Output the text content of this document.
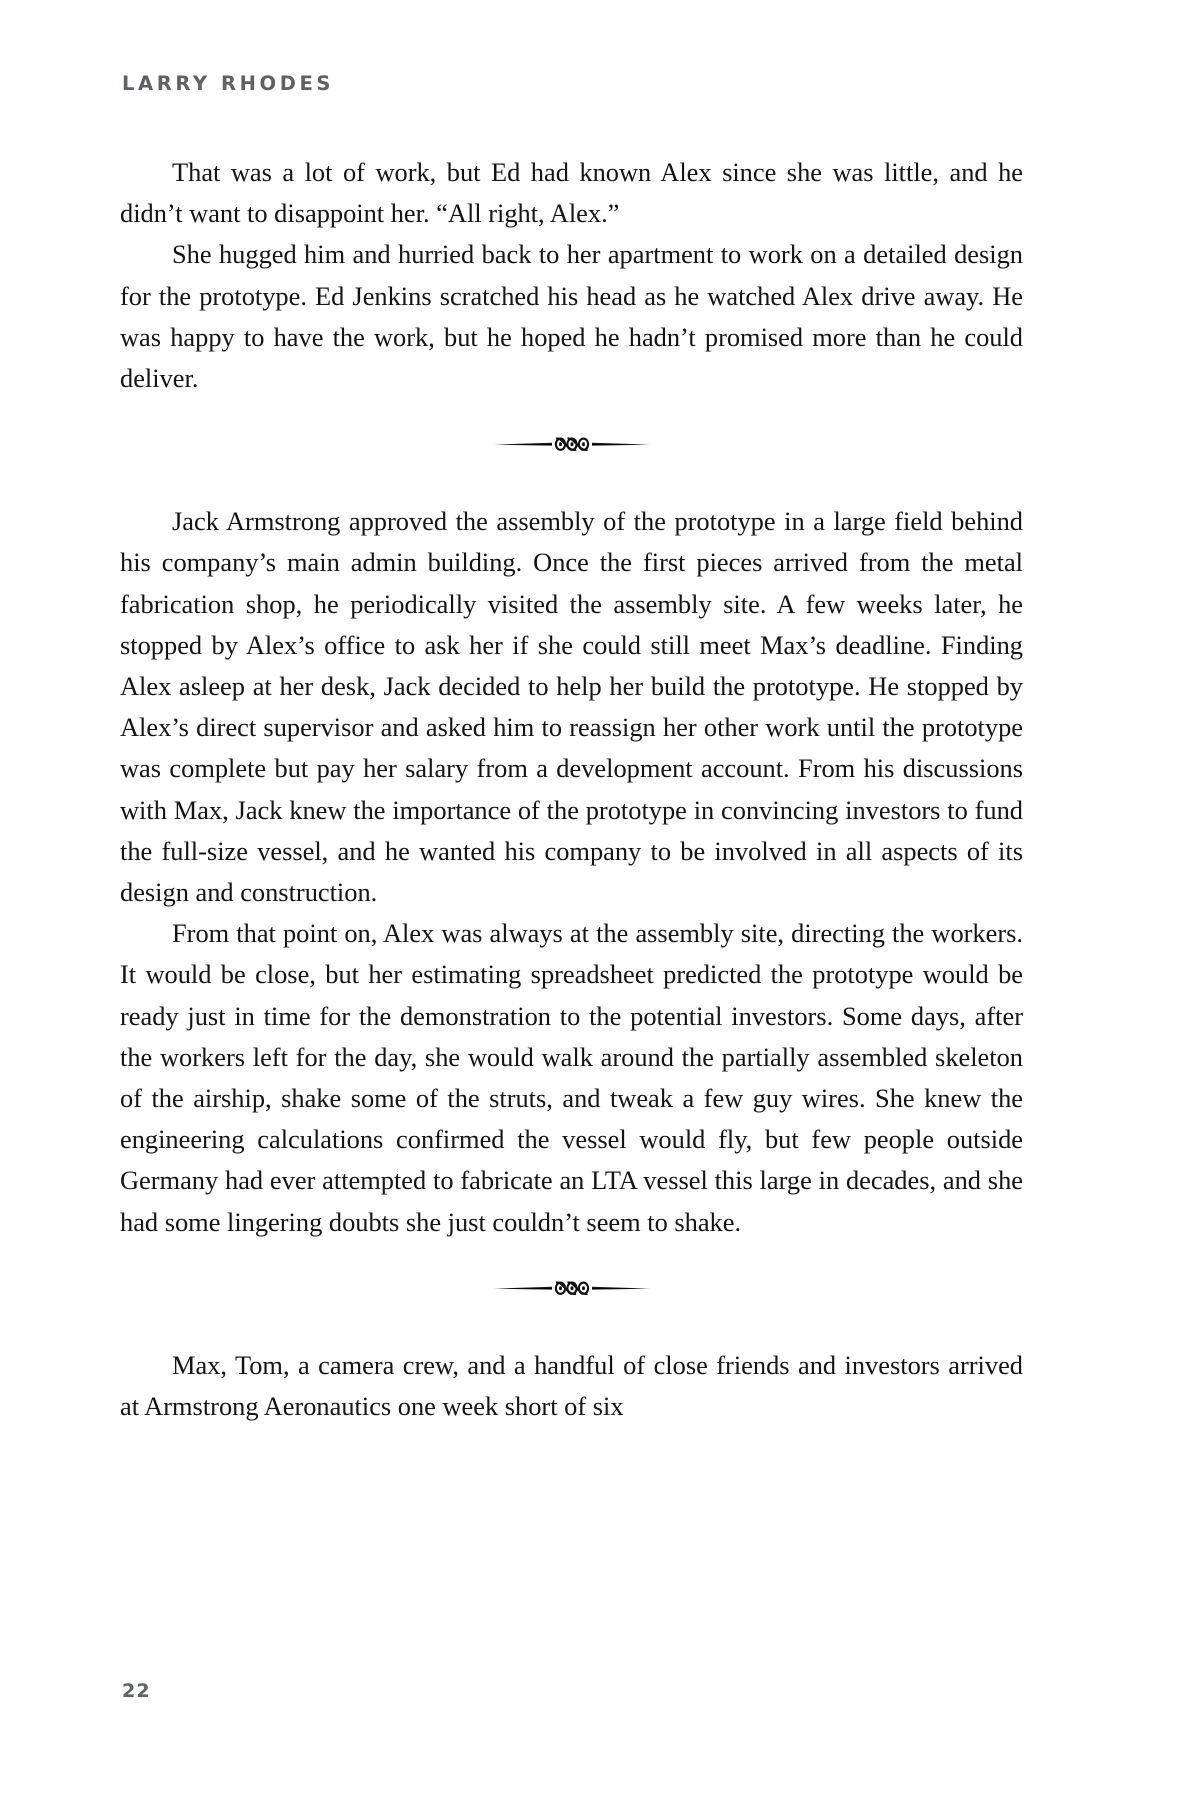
LARRY RHODES

That was a lot of work, but Ed had known Alex since she was little, and he didn’t want to disappoint her. “All right, Alex.”

She hugged him and hurried back to her apartment to work on a detailed design for the prototype. Ed Jenkins scratched his head as he watched Alex drive away. He was happy to have the work, but he hoped he hadn’t promised more than he could deliver.

Jack Armstrong approved the assembly of the prototype in a large field behind his company’s main admin building. Once the first pieces arrived from the metal fabrication shop, he periodically visited the assembly site. A few weeks later, he stopped by Alex’s office to ask her if she could still meet Max’s deadline. Finding Alex asleep at her desk, Jack decided to help her build the prototype. He stopped by Alex’s direct supervisor and asked him to reassign her other work until the prototype was complete but pay her salary from a development account. From his discussions with Max, Jack knew the importance of the prototype in convincing investors to fund the full-size vessel, and he wanted his company to be involved in all aspects of its design and construction.

From that point on, Alex was always at the assembly site, directing the workers. It would be close, but her estimating spreadsheet predicted the prototype would be ready just in time for the demonstration to the potential investors. Some days, after the workers left for the day, she would walk around the partially assembled skeleton of the airship, shake some of the struts, and tweak a few guy wires. She knew the engineering calculations confirmed the vessel would fly, but few people outside Germany had ever attempted to fabricate an LTA vessel this large in decades, and she had some lingering doubts she just couldn’t seem to shake.

Max, Tom, a camera crew, and a handful of close friends and investors arrived at Armstrong Aeronautics one week short of six

22
